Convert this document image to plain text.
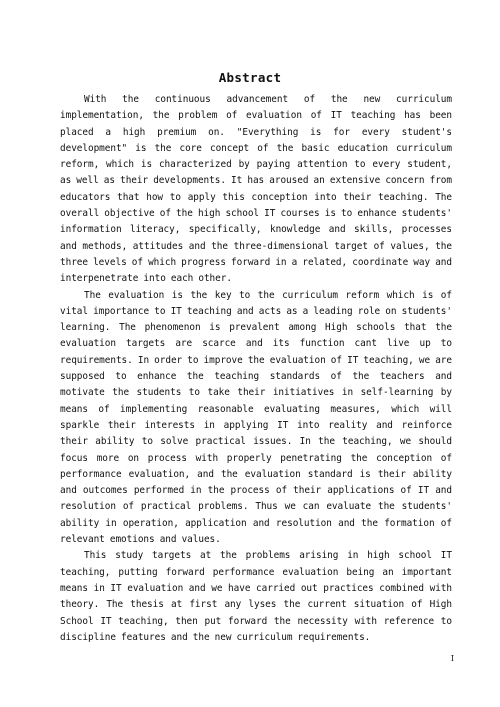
Abstract

With the continuous advancement of the new curriculum implementation, the problem of evaluation of IT teaching has been placed a high premium on. "Everything is for every student's development" is the core concept of the basic education curriculum reform, which is characterized by paying attention to every student, as well as their developments. It has aroused an extensive concern from educators that how to apply this conception into their teaching. The overall objective of the high school IT courses is to enhance students' information literacy, specifically, knowledge and skills, processes and methods, attitudes and the three-dimensional target of values, the three levels of which progress forward in a related, coordinate way and interpenetrate into each other.

The evaluation is the key to the curriculum reform which is of vital importance to IT teaching and acts as a leading role on students' learning. The phenomenon is prevalent among High schools that the evaluation targets are scarce and its function cant live up to requirements. In order to improve the evaluation of IT teaching, we are supposed to enhance the teaching standards of the teachers and motivate the students to take their initiatives in self-learning by means of implementing reasonable evaluating measures, which will sparkle their interests in applying IT into reality and reinforce their ability to solve practical issues. In the teaching, we should focus more on process with properly penetrating the conception of performance evaluation, and the evaluation standard is their ability and outcomes performed in the process of their applications of IT and resolution of practical problems. Thus we can evaluate the students' ability in operation, application and resolution and the formation of relevant emotions and values.

This study targets at the problems arising in high school IT teaching, putting forward performance evaluation being an important means in IT evaluation and we have carried out practices combined with theory. The thesis at first any lyses the current situation of High School IT teaching, then put forward the necessity with reference to discipline features and the new curriculum requirements.

I
